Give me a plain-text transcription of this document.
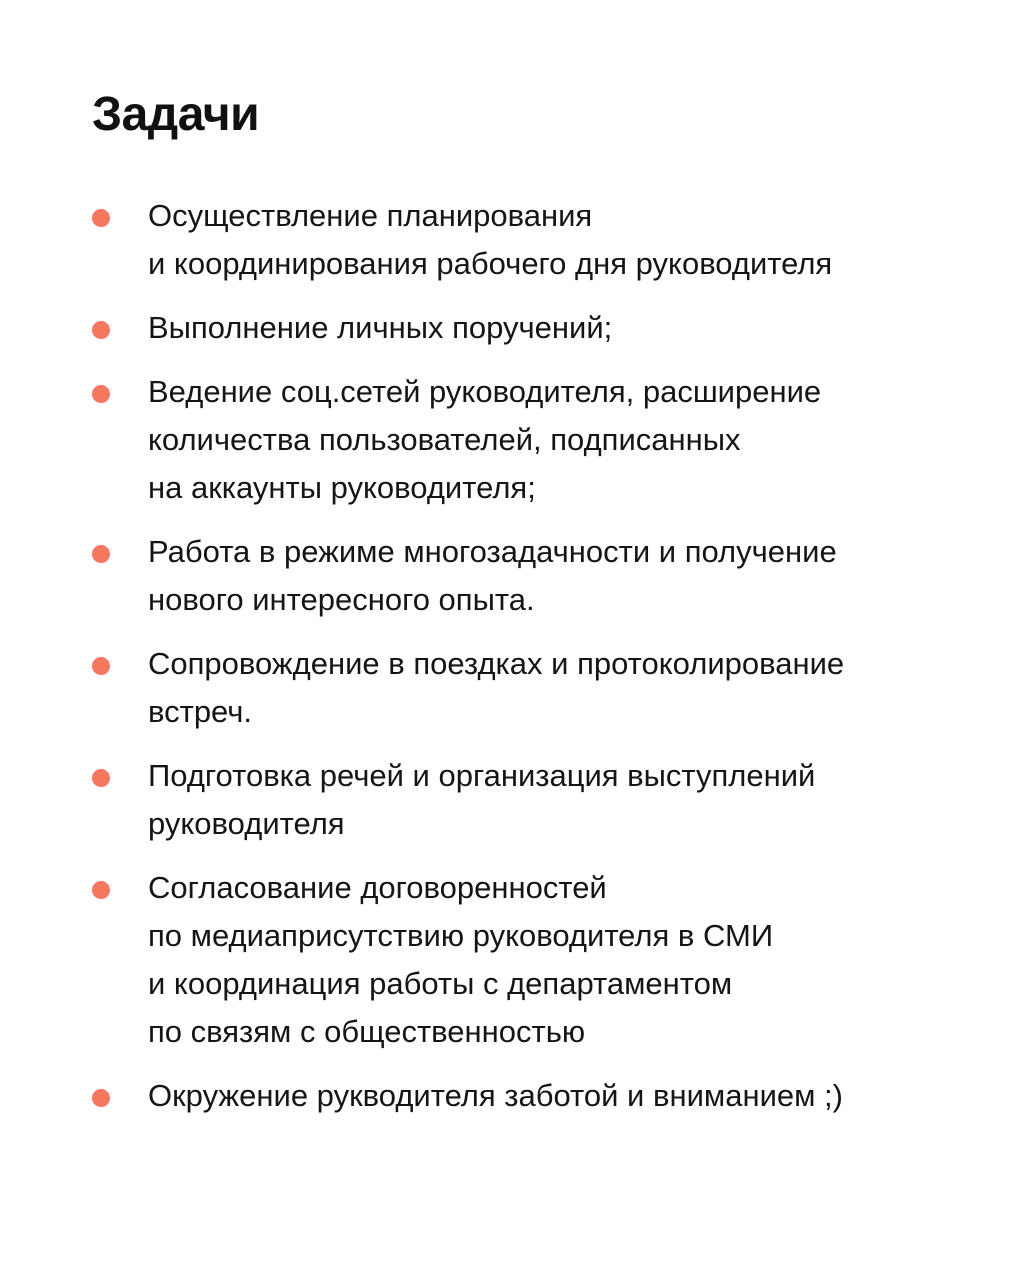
Задачи
Осуществление планирования
и координирования рабочего дня руководителя
Выполнение личных поручений;
Ведение соц.сетей руководителя, расширение
количества пользователей, подписанных
на аккаунты руководителя;
Работа в режиме многозадачности и получение
нового интересного опыта.
Сопровождение в поездках и протоколирование
встреч.
Подготовка речей и организация выступлений
руководителя
Согласование договоренностей
по медиаприсутствию руководителя в СМИ
и координация работы с департаментом
по связям с общественностью
Окружение рукводителя заботой и вниманием ;)
